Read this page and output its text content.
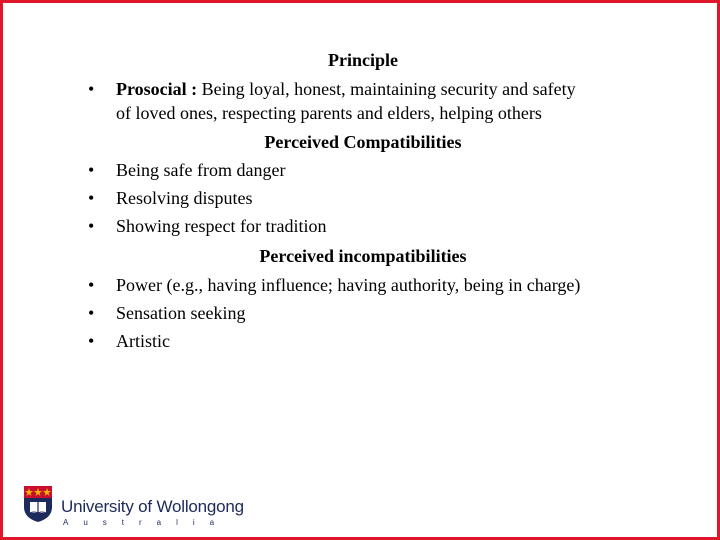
Principle
•	Prosocial : Being loyal, honest, maintaining security and safety
of loved ones, respecting parents and elders, helping others
Perceived Compatibilities
•	Being safe from danger
•	Resolving disputes
•	Showing respect for tradition
Perceived incompatibilities
•	Power (e.g., having influence; having authority, being in charge)
•	Sensation seeking
•	Artistic
University of Wollongong
Australia
